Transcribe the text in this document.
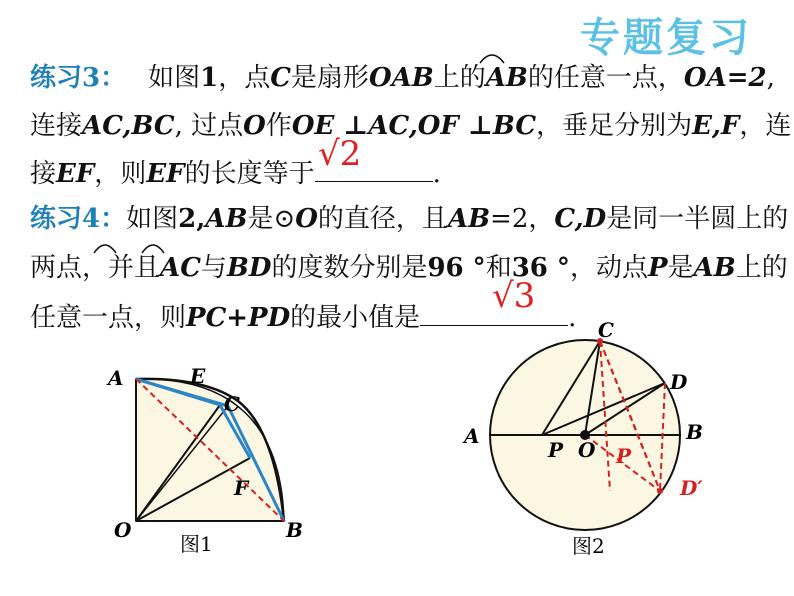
专题复习
练习3： 如图1，点C是扇形OAB上的AB的任意一点，OA=2,
连接AC,BC, 过点O作OE ⊥AC,OF ⊥BC，垂足分别为E,F，连
接EF，则EF的长度等于	.
√2
练习4：如图2,AB是⊙O的直径，且AB=2，C,D是同一半圆上的
两点，并且AC与BD的度数分别是96 °和36 °，动点P是AB上的
任意一点，则PC+PD的最小值是	.
√3
A	E
C
F
O	B
图1
C
D
A	B
P O P
D′
图2
